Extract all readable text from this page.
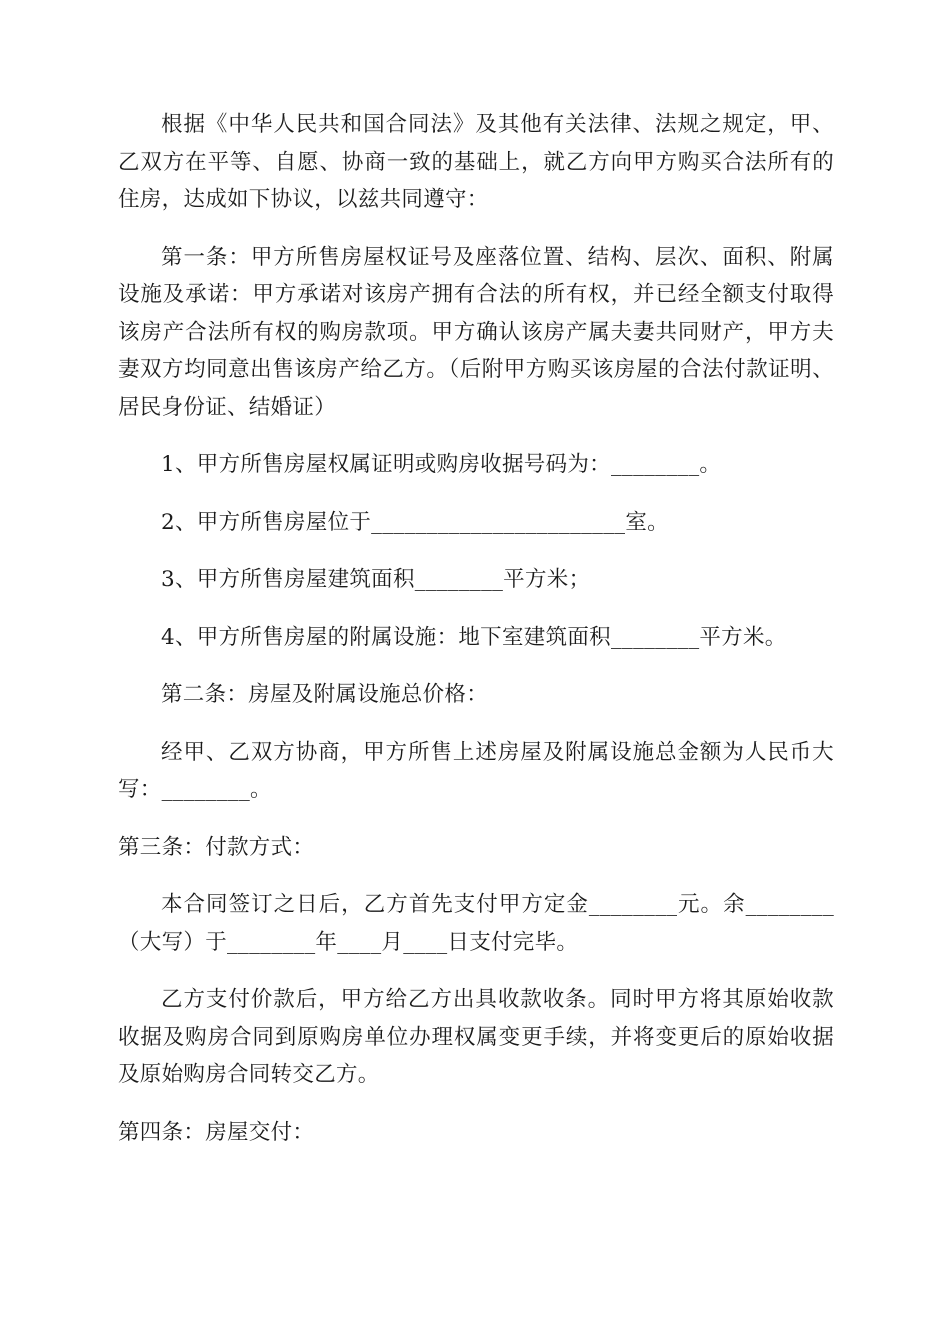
根据《中华人民共和国合同法》及其他有关法律、法规之规定，甲、乙双方在平等、自愿、协商一致的基础上，就乙方向甲方购买合法所有的住房，达成如下协议，以兹共同遵守：

第一条：甲方所售房屋权证号及座落位置、结构、层次、面积、附属设施及承诺：甲方承诺对该房产拥有合法的所有权，并已经全额支付取得该房产合法所有权的购房款项。甲方确认该房产属夫妻共同财产，甲方夫妻双方均同意出售该房产给乙方。（后附甲方购买该房屋的合法付款证明、居民身份证、结婚证）

1、甲方所售房屋权属证明或购房收据号码为：________。

2、甲方所售房屋位于_______________________室。

3、甲方所售房屋建筑面积________平方米；

4、甲方所售房屋的附属设施：地下室建筑面积________平方米。

第二条：房屋及附属设施总价格：

经甲、乙双方协商，甲方所售上述房屋及附属设施总金额为人民币大写：________。

第三条：付款方式：

本合同签订之日后，乙方首先支付甲方定金________元。余________（大写）于________年____月____日支付完毕。

乙方支付价款后，甲方给乙方出具收款收条。同时甲方将其原始收款收据及购房合同到原购房单位办理权属变更手续，并将变更后的原始收据及原始购房合同转交乙方。

第四条：房屋交付：
